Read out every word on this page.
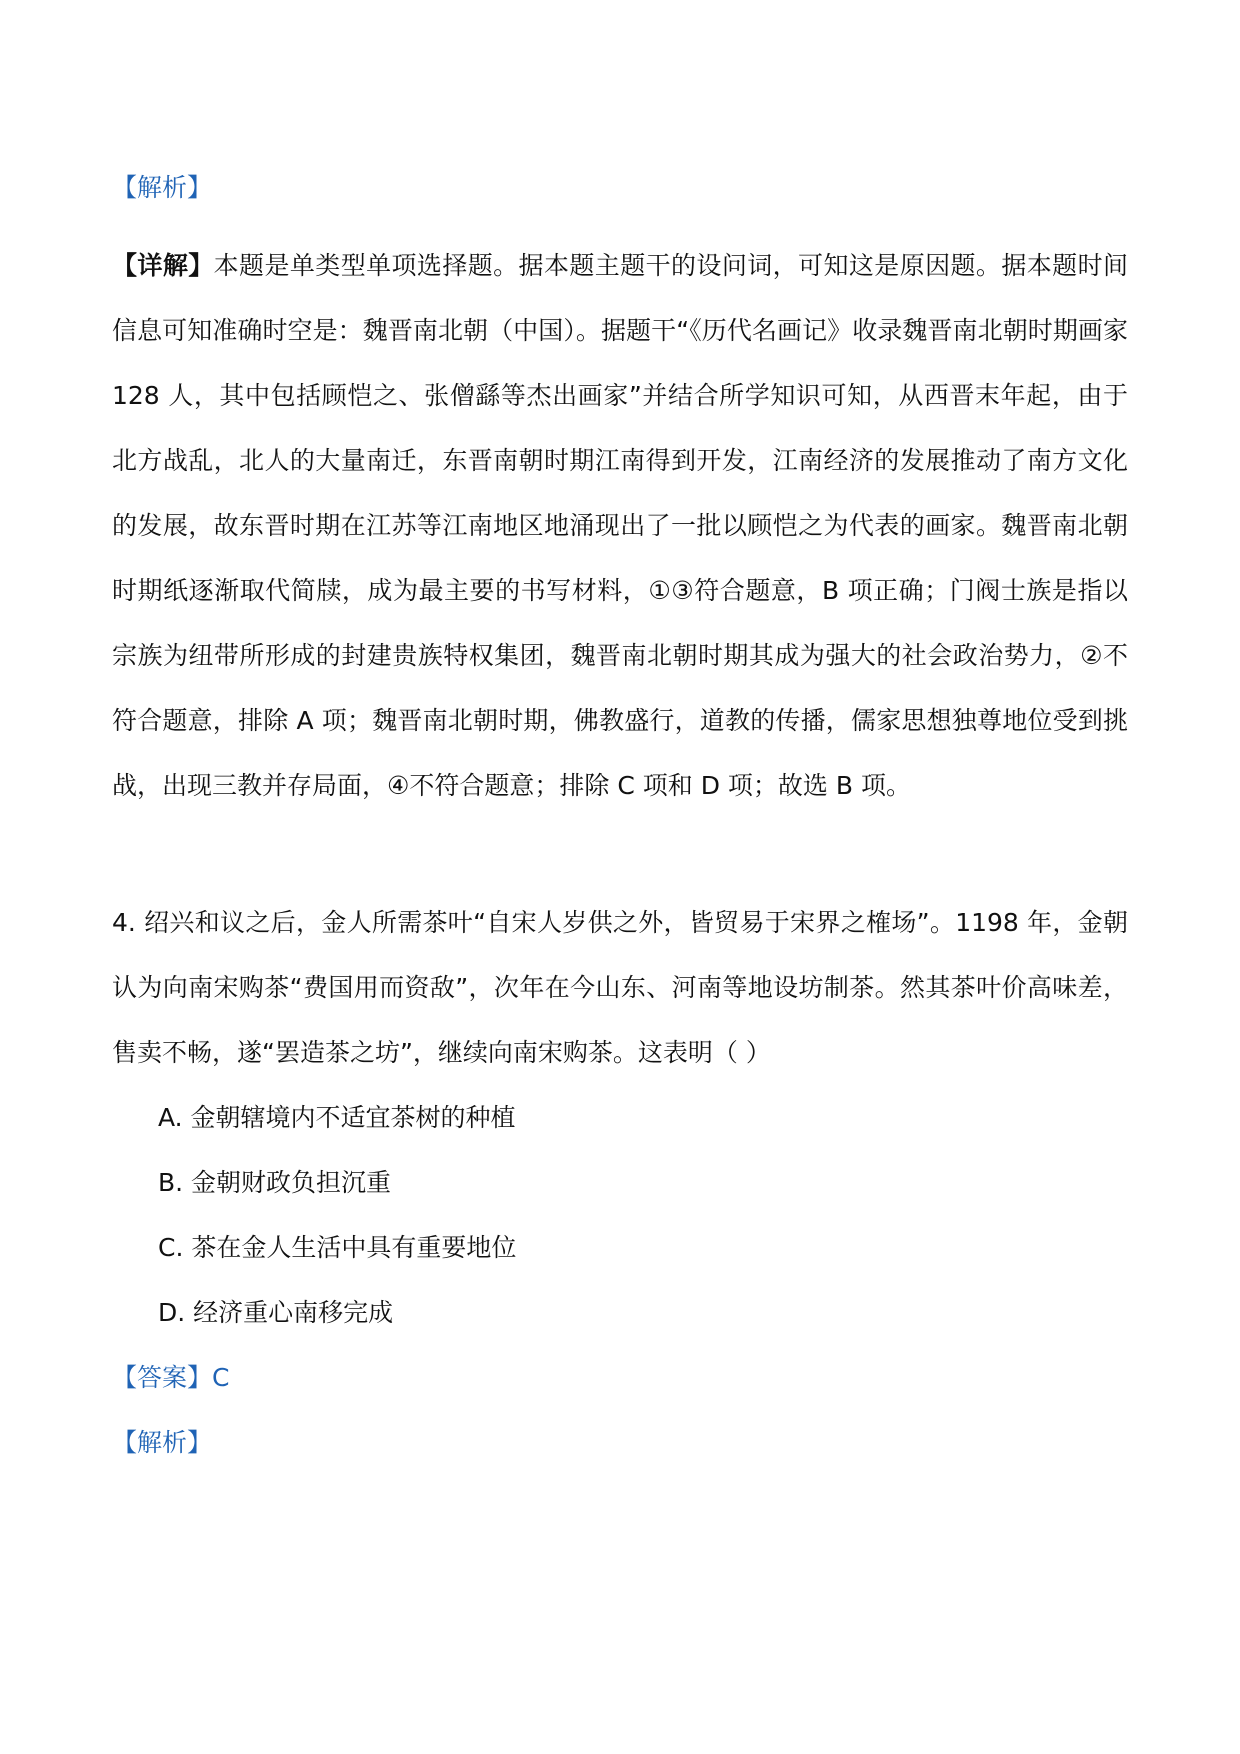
【解析】
【详解】本题是单类型单项选择题。据本题主题干的设问词，可知这是原因题。据本题时间信息可知准确时空是：魏晋南北朝（中国）。据题干“《历代名画记》收录魏晋南北朝时期画家 128 人，其中包括顾恺之、张僧繇等杰出画家”并结合所学知识可知，从西晋末年起，由于北方战乱，北人的大量南迁，东晋南朝时期江南得到开发，江南经济的发展推动了南方文化的发展，故东晋时期在江苏等江南地区地涌现出了一批以顾恺之为代表的画家。魏晋南北朝时期纸逐渐取代简牍，成为最主要的书写材料，①③符合题意，B 项正确；门阀士族是指以宗族为纽带所形成的封建贵族特权集团，魏晋南北朝时期其成为强大的社会政治势力，②不符合题意，排除 A 项；魏晋南北朝时期，佛教盛行，道教的传播，儒家思想独尊地位受到挑战，出现三教并存局面，④不符合题意；排除 C 项和 D 项；故选 B 项。
4. 绍兴和议之后，金人所需茶叶“自宋人岁供之外，皆贸易于宋界之榷场”。1198 年，金朝认为向南宋购茶“费国用而资敌”，次年在今山东、河南等地设坊制茶。然其茶叶价高味差，售卖不畅，遂“罢造茶之坊”，继续向南宋购茶。这表明（ ）
A. 金朝辖境内不适宜茶树的种植
B. 金朝财政负担沉重
C. 茶在金人生活中具有重要地位
D. 经济重心南移完成
【答案】C
【解析】
